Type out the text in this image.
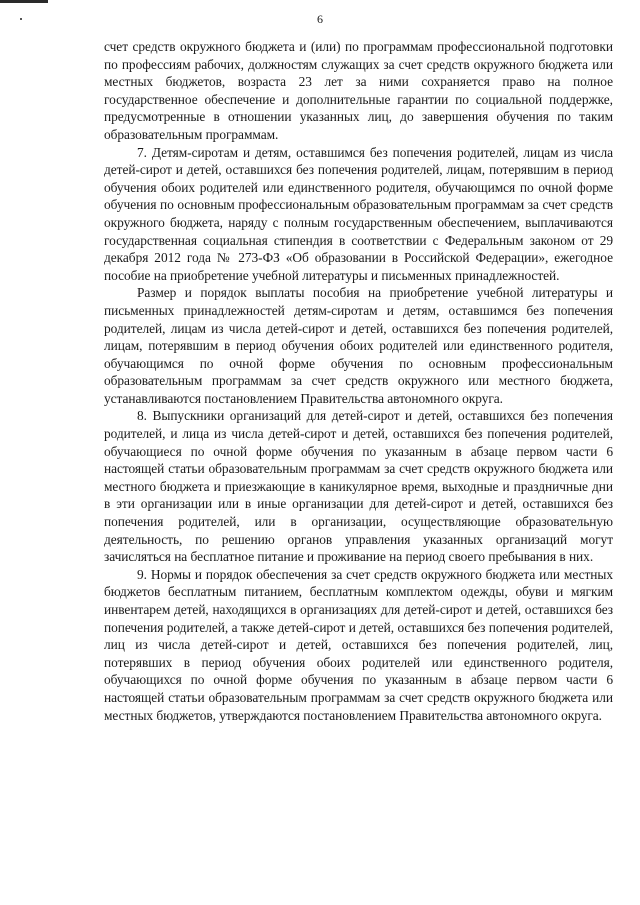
6

счет средств окружного бюджета и (или) по программам профессиональной подготовки по профессиям рабочих, должностям служащих за счет средств окружного бюджета или местных бюджетов, возраста 23 лет за ними сохраняется право на полное государственное обеспечение и дополнительные гарантии по социальной поддержке, предусмотренные в отношении указанных лиц, до завершения обучения по таким образовательным программам.

7. Детям-сиротам и детям, оставшимся без попечения родителей, лицам из числа детей-сирот и детей, оставшихся без попечения родителей, лицам, потерявшим в период обучения обоих родителей или единственного родителя, обучающимся по очной форме обучения по основным профессиональным образовательным программам за счет средств окружного бюджета, наряду с полным государственным обеспечением, выплачиваются государственная социальная стипендия в соответствии с Федеральным законом от 29 декабря 2012 года № 273-ФЗ «Об образовании в Российской Федерации», ежегодное пособие на приобретение учебной литературы и письменных принадлежностей.

Размер и порядок выплаты пособия на приобретение учебной литературы и письменных принадлежностей детям-сиротам и детям, оставшимся без попечения родителей, лицам из числа детей-сирот и детей, оставшихся без попечения родителей, лицам, потерявшим в период обучения обоих родителей или единственного родителя, обучающимся по очной форме обучения по основным профессиональным образовательным программам за счет средств окружного или местного бюджета, устанавливаются постановлением Правительства автономного округа.

8. Выпускники организаций для детей-сирот и детей, оставшихся без попечения родителей, и лица из числа детей-сирот и детей, оставшихся без попечения родителей, обучающиеся по очной форме обучения по указанным в абзаце первом части 6 настоящей статьи образовательным программам за счет средств окружного бюджета или местного бюджета и приезжающие в каникулярное время, выходные и праздничные дни в эти организации или в иные организации для детей-сирот и детей, оставшихся без попечения родителей, или в организации, осуществляющие образовательную деятельность, по решению органов управления указанных организаций могут зачисляться на бесплатное питание и проживание на период своего пребывания в них.

9. Нормы и порядок обеспечения за счет средств окружного бюджета или местных бюджетов бесплатным питанием, бесплатным комплектом одежды, обуви и мягким инвентарем детей, находящихся в организациях для детей-сирот и детей, оставшихся без попечения родителей, а также детей-сирот и детей, оставшихся без попечения родителей, лиц из числа детей-сирот и детей, оставшихся без попечения родителей, лиц, потерявших в период обучения обоих родителей или единственного родителя, обучающихся по очной форме обучения по указанным в абзаце первом части 6 настоящей статьи образовательным программам за счет средств окружного бюджета или местных бюджетов, утверждаются постановлением Правительства автономного округа.
